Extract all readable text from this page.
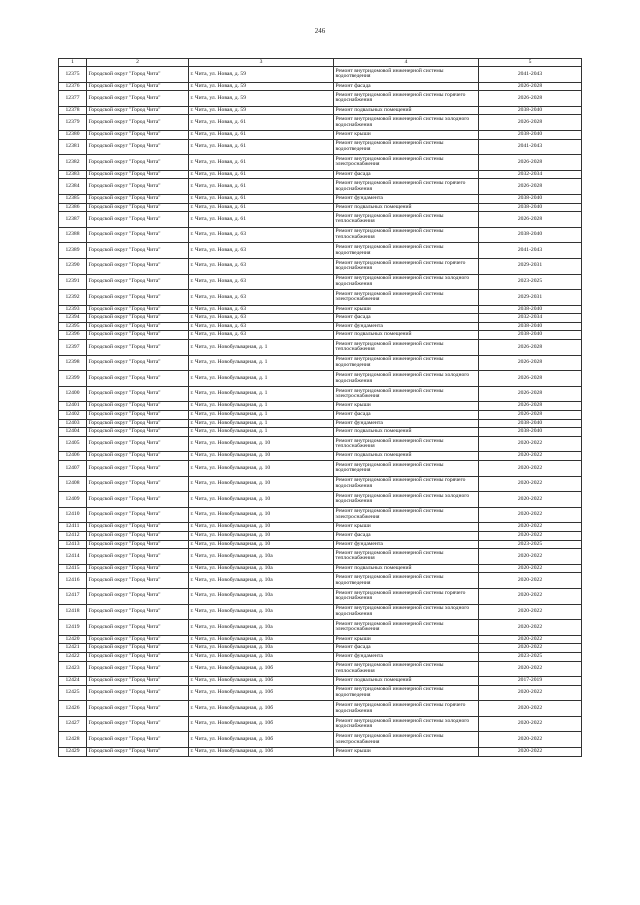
246
1	2	3	4	5
12375	Городской округ "Город Чита"	г. Чита, ул. Новая, д. 59	Ремонт внутридомовой инженерной системы водоотведения	2041-2043
12376	Городской округ "Город Чита"	г. Чита, ул. Новая, д. 59	Ремонт фасада	2026-2028
12377	Городской округ "Город Чита"	г. Чита, ул. Новая, д. 59	Ремонт внутридомовой инженерной системы горячего водоснабжения	2026-2028
12378	Городской округ "Город Чита"	г. Чита, ул. Новая, д. 59	Ремонт подвальных помещений	2038-2040
12379	Городской округ "Город Чита"	г. Чита, ул. Новая, д. 61	Ремонт внутридомовой инженерной системы холодного водоснабжения	2026-2028
12380	Городской округ "Город Чита"	г. Чита, ул. Новая, д. 61	Ремонт крыши	2038-2040
12381	Городской округ "Город Чита"	г. Чита, ул. Новая, д. 61	Ремонт внутридомовой инженерной системы водоотведения	2041-2043
12382	Городской округ "Город Чита"	г. Чита, ул. Новая, д. 61	Ремонт внутридомовой инженерной системы электроснабжения	2026-2028
12383	Городской округ "Город Чита"	г. Чита, ул. Новая, д. 61	Ремонт фасада	2032-2034
12384	Городской округ "Город Чита"	г. Чита, ул. Новая, д. 61	Ремонт внутридомовой инженерной системы горячего водоснабжения	2026-2028
12385	Городской округ "Город Чита"	г. Чита, ул. Новая, д. 61	Ремонт фундамента	2038-2040
12386	Городской округ "Город Чита"	г. Чита, ул. Новая, д. 61	Ремонт подвальных помещений	2038-2040
12387	Городской округ "Город Чита"	г. Чита, ул. Новая, д. 61	Ремонт внутридомовой инженерной системы теплоснабжения	2026-2028
12388	Городской округ "Город Чита"	г. Чита, ул. Новая, д. 63	Ремонт внутридомовой инженерной системы теплоснабжения	2038-2040
12389	Городской округ "Город Чита"	г. Чита, ул. Новая, д. 63	Ремонт внутридомовой инженерной системы водоотведения	2041-2043
12390	Городской округ "Город Чита"	г. Чита, ул. Новая, д. 63	Ремонт внутридомовой инженерной системы горячего водоснабжения	2029-2031
12391	Городской округ "Город Чита"	г. Чита, ул. Новая, д. 63	Ремонт внутридомовой инженерной системы холодного водоснабжения	2023-2025
12392	Городской округ "Город Чита"	г. Чита, ул. Новая, д. 63	Ремонт внутридомовой инженерной системы электроснабжения	2029-2031
12393	Городской округ "Город Чита"	г. Чита, ул. Новая, д. 63	Ремонт крыши	2038-2040
12394	Городской округ "Город Чита"	г. Чита, ул. Новая, д. 63	Ремонт фасада	2032-2034
12395	Городской округ "Город Чита"	г. Чита, ул. Новая, д. 63	Ремонт фундамента	2038-2040
12396	Городской округ "Город Чита"	г. Чита, ул. Новая, д. 63	Ремонт подвальных помещений	2038-2040
12397	Городской округ "Город Чита"	г. Чита, ул. Новобульварная, д. 1	Ремонт внутридомовой инженерной системы теплоснабжения	2026-2028
12398	Городской округ "Город Чита"	г. Чита, ул. Новобульварная, д. 1	Ремонт внутридомовой инженерной системы водоотведения	2026-2028
12399	Городской округ "Город Чита"	г. Чита, ул. Новобульварная, д. 1	Ремонт внутридомовой инженерной системы холодного водоснабжения	2026-2028
12400	Городской округ "Город Чита"	г. Чита, ул. Новобульварная, д. 1	Ремонт внутридомовой инженерной системы электроснабжения	2026-2028
12401	Городской округ "Город Чита"	г. Чита, ул. Новобульварная, д. 1	Ремонт крыши	2026-2028
12402	Городской округ "Город Чита"	г. Чита, ул. Новобульварная, д. 1	Ремонт фасада	2026-2028
12403	Городской округ "Город Чита"	г. Чита, ул. Новобульварная, д. 1	Ремонт фундамента	2038-2040
12404	Городской округ "Город Чита"	г. Чита, ул. Новобульварная, д. 1	Ремонт подвальных помещений	2038-2040
12405	Городской округ "Город Чита"	г. Чита, ул. Новобульварная, д. 10	Ремонт внутридомовой инженерной системы теплоснабжения	2020-2022
12406	Городской округ "Город Чита"	г. Чита, ул. Новобульварная, д. 10	Ремонт подвальных помещений	2020-2022
12407	Городской округ "Город Чита"	г. Чита, ул. Новобульварная, д. 10	Ремонт внутридомовой инженерной системы водоотведения	2020-2022
12408	Городской округ "Город Чита"	г. Чита, ул. Новобульварная, д. 10	Ремонт внутридомовой инженерной системы горячего водоснабжения	2020-2022
12409	Городской округ "Город Чита"	г. Чита, ул. Новобульварная, д. 10	Ремонт внутридомовой инженерной системы холодного водоснабжения	2020-2022
12410	Городской округ "Город Чита"	г. Чита, ул. Новобульварная, д. 10	Ремонт внутридомовой инженерной системы электроснабжения	2020-2022
12411	Городской округ "Город Чита"	г. Чита, ул. Новобульварная, д. 10	Ремонт крыши	2020-2022
12412	Городской округ "Город Чита"	г. Чита, ул. Новобульварная, д. 10	Ремонт фасада	2020-2022
12413	Городской округ "Город Чита"	г. Чита, ул. Новобульварная, д. 10	Ремонт фундамента	2023-2025
12414	Городской округ "Город Чита"	г. Чита, ул. Новобульварная, д. 10а	Ремонт внутридомовой инженерной системы теплоснабжения	2020-2022
12415	Городской округ "Город Чита"	г. Чита, ул. Новобульварная, д. 10а	Ремонт подвальных помещений	2020-2022
12416	Городской округ "Город Чита"	г. Чита, ул. Новобульварная, д. 10а	Ремонт внутридомовой инженерной системы водоотведения	2020-2022
12417	Городской округ "Город Чита"	г. Чита, ул. Новобульварная, д. 10а	Ремонт внутридомовой инженерной системы горячего водоснабжения	2020-2022
12418	Городской округ "Город Чита"	г. Чита, ул. Новобульварная, д. 10а	Ремонт внутридомовой инженерной системы холодного водоснабжения	2020-2022
12419	Городской округ "Город Чита"	г. Чита, ул. Новобульварная, д. 10а	Ремонт внутридомовой инженерной системы электроснабжения	2020-2022
12420	Городской округ "Город Чита"	г. Чита, ул. Новобульварная, д. 10а	Ремонт крыши	2020-2022
12421	Городской округ "Город Чита"	г. Чита, ул. Новобульварная, д. 10а	Ремонт фасада	2020-2022
12422	Городской округ "Город Чита"	г. Чита, ул. Новобульварная, д. 10а	Ремонт фундамента	2023-2025
12423	Городской округ "Город Чита"	г. Чита, ул. Новобульварная, д. 10б	Ремонт внутридомовой инженерной системы теплоснабжения	2020-2022
12424	Городской округ "Город Чита"	г. Чита, ул. Новобульварная, д. 10б	Ремонт подвальных помещений	2017-2019
12425	Городской округ "Город Чита"	г. Чита, ул. Новобульварная, д. 10б	Ремонт внутридомовой инженерной системы водоотведения	2020-2022
12426	Городской округ "Город Чита"	г. Чита, ул. Новобульварная, д. 10б	Ремонт внутридомовой инженерной системы горячего водоснабжения	2020-2022
12427	Городской округ "Город Чита"	г. Чита, ул. Новобульварная, д. 10б	Ремонт внутридомовой инженерной системы холодного водоснабжения	2020-2022
12428	Городской округ "Город Чита"	г. Чита, ул. Новобульварная, д. 10б	Ремонт внутридомовой инженерной системы электроснабжения	2020-2022
12429	Городской округ "Город Чита"	г. Чита, ул. Новобульварная, д. 10б	Ремонт крыши	2020-2022
